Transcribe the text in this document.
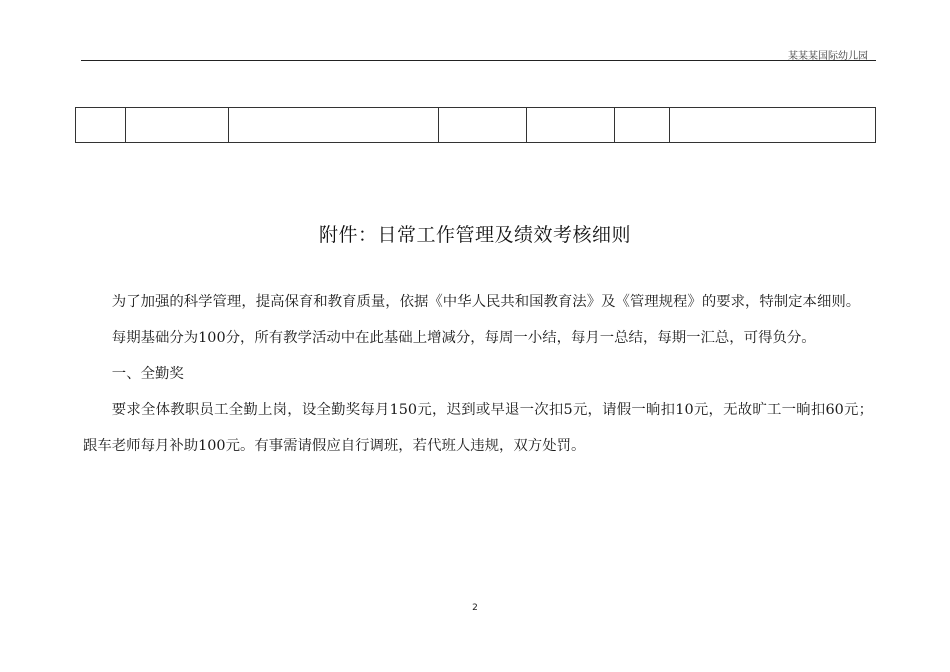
某某某国际幼儿园

附件：日常工作管理及绩效考核细则

为了加强的科学管理，提高保育和教育质量，依据《中华人民共和国教育法》及《管理规程》的要求，特制定本细则。

每期基础分为100分，所有教学活动中在此基础上增减分，每周一小结，每月一总结，每期一汇总，可得负分。

一、全勤奖

要求全体教职员工全勤上岗，设全勤奖每月150元，迟到或早退一次扣5元，请假一晌扣10元，无故旷工一晌扣60元；跟车老师每月补助100元。有事需请假应自行调班，若代班人违规，双方处罚。

2
